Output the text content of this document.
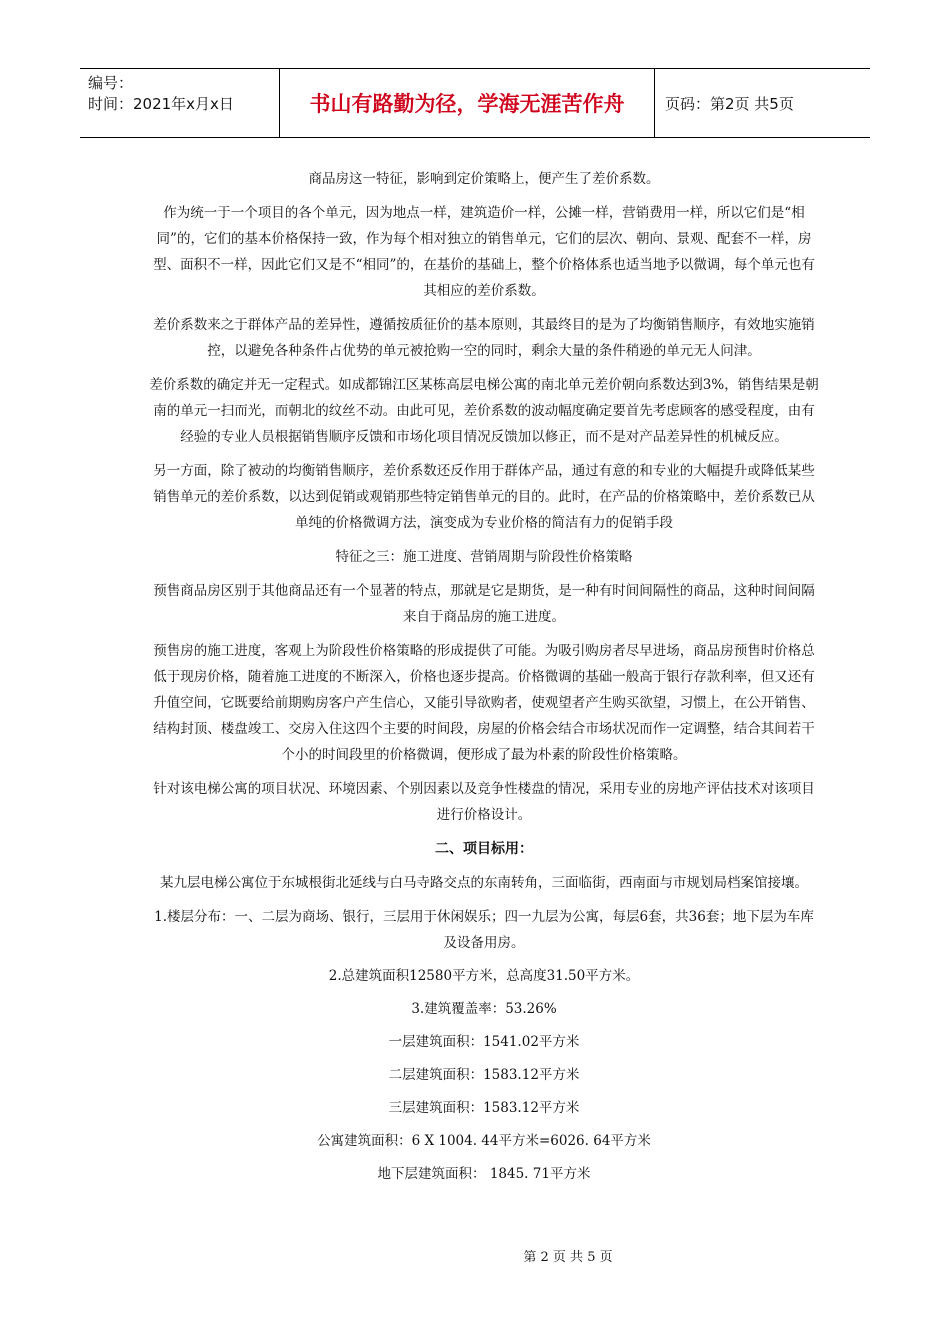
编号：
时间：2021年x月x日	书山有路勤为径，学海无涯苦作舟	页码：第2页 共5页

商品房这一特征，影响到定价策略上，便产生了差价系数。

作为统一于一个项目的各个单元，因为地点一样，建筑造价一样，公摊一样，营销费用一样，所以它们是“相同”的，它们的基本价格保持一致，作为每个相对独立的销售单元，它们的层次、朝向、景观、配套不一样，房型、面积不一样，因此它们又是不“相同”的，在基价的基础上，整个价格体系也适当地予以微调，每个单元也有其相应的差价系数。

差价系数来之于群体产品的差异性，遵循按质征价的基本原则，其最终目的是为了均衡销售顺序，有效地实施销控，以避免各种条件占优势的单元被抢购一空的同时，剩余大量的条件稍逊的单元无人问津。

差价系数的确定并无一定程式。如成都锦江区某栋高层电梯公寓的南北单元差价朝向系数达到3%，销售结果是朝南的单元一扫而光，而朝北的纹丝不动。由此可见，差价系数的波动幅度确定要首先考虑顾客的感受程度，由有经验的专业人员根据销售顺序反馈和市场化项目情况反馈加以修正，而不是对产品差异性的机械反应。

另一方面，除了被动的均衡销售顺序，差价系数还反作用于群体产品，通过有意的和专业的大幅提升或降低某些销售单元的差价系数，以达到促销或观销那些特定销售单元的目的。此时，在产品的价格策略中，差价系数已从单纯的价格微调方法，演变成为专业价格的简洁有力的促销手段

特征之三：施工进度、营销周期与阶段性价格策略

预售商品房区别于其他商品还有一个显著的特点，那就是它是期货，是一种有时间间隔性的商品，这种时间间隔来自于商品房的施工进度。

预售房的施工进度，客观上为阶段性价格策略的形成提供了可能。为吸引购房者尽早进场，商品房预售时价格总低于现房价格，随着施工进度的不断深入，价格也逐步提高。价格微调的基础一般高于银行存款利率，但又还有升值空间，它既要给前期购房客户产生信心，又能引导欲购者，使观望者产生购买欲望，习惯上，在公开销售、结构封顶、楼盘竣工、交房入住这四个主要的时间段，房屋的价格会结合市场状况而作一定调整，结合其间若干个小的时间段里的价格微调，便形成了最为朴素的阶段性价格策略。

针对该电梯公寓的项目状况、环境因素、个别因素以及竞争性楼盘的情况，采用专业的房地产评估技术对该项目进行价格设计。

二、项目标用：

某九层电梯公寓位于东城根街北延线与白马寺路交点的东南转角，三面临街，西南面与市规划局档案馆接壤。

1.楼层分布：一、二层为商场、银行，三层用于休闲娱乐；四一九层为公寓，每层6套，共36套；地下层为车库及设备用房。

2.总建筑面积12580平方米，总高度31.50平方米。

3.建筑覆盖率：53.26%

一层建筑面积：1541.02平方米

二层建筑面积：1583.12平方米

三层建筑面积：1583.12平方米

公寓建筑面积：6 X 1004. 44平方米=6026. 64平方米

地下层建筑面积： 1845. 71平方米

第 2 页 共 5 页
